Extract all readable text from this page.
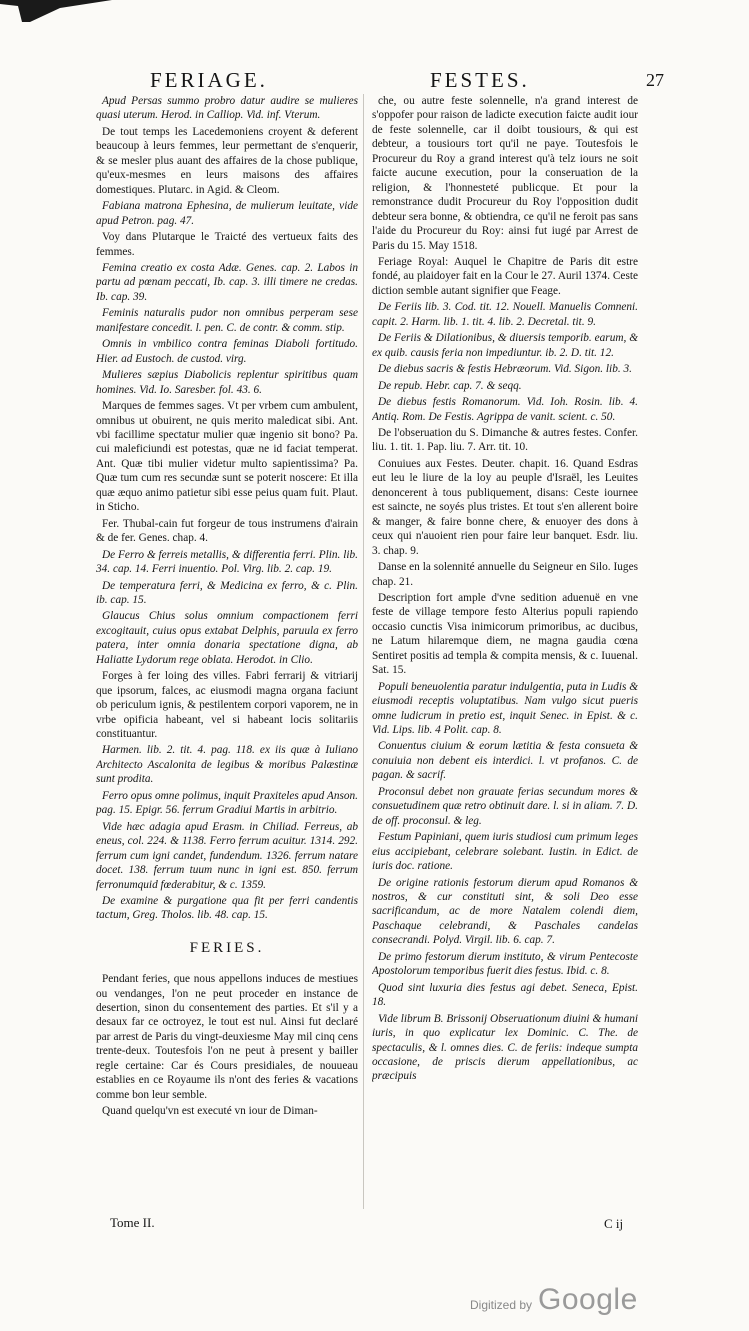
FERIAGE.	FESTES.	27

Apud Persas summo probro datur audire se mulieres quasi uterum. Herod. in Calliop. Vid. inf. Vterum.

De tout temps les Lacedemoniens croyent & deferent beaucoup à leurs femmes, leur permettant de s'enquerir, & se mesler plus auant des affaires de la chose publique, qu'eux-mesmes en leurs maisons des affaires domestiques. Plutarc. in Agid. & Cleom.

Fabiana matrona Ephesina, de mulierum leuitate, vide apud Petron. pag. 47.

Voy dans Plutarque le Traicté des vertueux faits des femmes.

Femina creatio ex costa Adæ. Genes. cap. 2. Labos in partu ad pœnam peccati, Ib. cap. 3. illi timere ne credas. Ib. cap. 39.

Feminis naturalis pudor non omnibus perperam sese manifestare concedit. l. pen. C. de contr. & comm. stip.

Omnis in vmbilico contra feminas Diaboli fortitudo. Hier. ad Eustoch. de custod. virg.

Mulieres sæpius Diabolicis replentur spiritibus quam homines. Vid. Io. Saresber. fol. 43. 6.

Marques de femmes sages. Vt per vrbem cum ambulent, omnibus ut obuirent, ne quis merito maledicat sibi. Ant. vbi facillime spectatur mulier quæ ingenio sit bono? Pa. cui maleficiundi est potestas, quæ ne id faciat temperat. Ant. Quæ tibi mulier videtur multo sapientissima? Pa. Quæ tum cum res secundæ sunt se poterit noscere: Et illa quæ æquo animo patietur sibi esse peius quam fuit. Plaut. in Sticho.

Fer. Thubal-cain fut forgeur de tous instrumens d'airain & de fer. Genes. chap. 4.

De Ferro & ferreis metallis, & differentia ferri. Plin. lib. 34. cap. 14. Ferri inuentio. Pol. Virg. lib. 2. cap. 19.

De temperatura ferri, & Medicina ex ferro, & c. Plin. ib. cap. 15.

Glaucus Chius solus omnium compactionem ferri excogitauit, cuius opus extabat Delphis, paruula ex ferro patera, inter omnia donaria spectatione digna, ab Haliatte Lydorum rege oblata. Herodot. in Clio.

Forges à fer loing des villes. Fabri ferrarij & vitriarij que ipsorum, falces, ac eiusmodi magna organa faciunt ob periculum ignis, & pestilentem corpori vaporem, ne in vrbe opificia habeant, vel si habeant locis solitariis constituantur.

Harmen. lib. 2. tit. 4. pag. 118. ex iis quæ à Iuliano Architecto Ascalonita de legibus & moribus Palæstinæ sunt prodita.

Ferro opus omne polimus, inquit Praxiteles apud Anson. pag. 15. Epigr. 56. ferrum Gradiui Martis in arbitrio.

Vide hæc adagia apud Erasm. in Chiliad. Ferreus, ab eneus, col. 224. & 1138. Ferro ferrum acuitur. 1314. 292. ferrum cum igni candet, fundendum. 1326. ferrum natare docet. 138. ferrum tuum nunc in igni est. 850. ferrum ferronumquid fœderabitur, & c. 1359.

De examine & purgatione qua fit per ferri candentis tactum, Greg. Tholos. lib. 48. cap. 15.

FERIES.

Pendant feries, que nous appellons induces de mestiues ou vendanges, l'on ne peut proceder en instance de desertion, sinon du consentement des parties. Et s'il y a desaux far ce octroyez, le tout est nul. Ainsi fut declaré par arrest de Paris du vingt-deuxiesme May mil cinq cens trente-deux. Toutesfois l'on ne peut à present y bailler regle certaine: Car és Cours presidiales, de nouueau establies en ce Royaume ils n'ont des feries & vacations comme bon leur semble.

Quand quelqu'vn est executé vn iour de Diman-

che, ou autre feste solennelle, n'a grand interest de s'oppofer pour raison de ladicte execution faicte audit iour de feste solennelle, car il doibt tousiours, & qui est debteur, a tousiours tort qu'il ne paye. Toutesfois le Procureur du Roy a grand interest qu'à telz iours ne soit faicte aucune execution, pour la conseruation de la religion, & l'honnesteté publicque. Et pour la remonstrance dudit Procureur du Roy l'opposition dudit debteur sera bonne, & obtiendra, ce qu'il ne feroit pas sans l'aide du Procureur du Roy: ainsi fut iugé par Arrest de Paris du 15. May 1518.

Feriage Royal: Auquel le Chapitre de Paris dit estre fondé, au plaidoyer fait en la Cour le 27. Auril 1374. Ceste diction semble autant signifier que Feage.

De Feriis lib. 3. Cod. tit. 12. Nouell. Manuelis Comneni. capit. 2. Harm. lib. 1. tit. 4. lib. 2. Decretal. tit. 9.

De Feriis & Dilationibus, & diuersis temporib. earum, & ex quib. causis feria non impediuntur. ib. 2. D. tit. 12.

De diebus sacris & festis Hebræorum. Vid. Sigon. lib. 3.

De repub. Hebr. cap. 7. & seqq.

De diebus festis Romanorum. Vid. Ioh. Rosin. lib. 4. Antiq. Rom. De Festis. Agrippa de vanit. scient. c. 50.

De l'obseruation du S. Dimanche & autres festes. Confer. liu. 1. tit. 1. Pap. liu. 7. Arr. tit. 10.

Conuiues aux Festes. Deuter. chapit. 16. Quand Esdras eut leu le liure de la loy au peuple d'Israël, les Leuites denoncerent à tous publiquement, disans: Ceste iournee est saincte, ne soyés plus tristes. Et tout s'en allerent boire & manger, & faire bonne chere, & enuoyer des dons à ceux qui n'auoient rien pour faire leur banquet. Esdr. liu. 3. chap. 9.

Danse en la solennité annuelle du Seigneur en Silo. Iuges chap. 21.

Description fort ample d'vne sedition aduenuë en vne feste de village tempore festo Alterius populi rapiendo occasio cunctis Visa inimicorum primoribus, ac ducibus, ne Latum hilaremque diem, ne magna gaudia cœna Sentiret positis ad templa & compita mensis, & c. Iuuenal. Sat. 15.

Populi beneuolentia paratur indulgentia, puta in Ludis & eiusmodi receptis voluptatibus. Nam vulgo sicut pueris omne ludicrum in pretio est, inquit Senec. in Epist. & c. Vid. Lips. lib. 4 Polit. cap. 8.

Conuentus ciuium & eorum lætitia & festa consueta & conuiuia non debent eis interdici. l. vt profanos. C. de pagan. & sacrif.

Proconsul debet non grauate ferias secundum mores & consuetudinem quæ retro obtinuit dare. l. si in aliam. 7. D. de off. proconsul. & leg.

Festum Papiniani, quem iuris studiosi cum primum leges eius accipiebant, celebrare solebant. Iustin. in Edict. de iuris doc. ratione.

De origine rationis festorum dierum apud Romanos & nostros, & cur constituti sint, & soli Deo esse sacrificandum, ac de more Natalem colendi diem, Paschaque celebrandi, & Paschales candelas consecrandi. Polyd. Virgil. lib. 6. cap. 7.

De primo festorum dierum instituto, & virum Pentecoste Apostolorum temporibus fuerit dies festus. Ibid. c. 8.

Quod sint luxuria dies festus agi debet. Seneca, Epist. 18.

Vide librum B. Brissonij Obseruationum diuini & humani iuris, in quo explicatur lex Dominic. C. The. de spectaculis, & l. omnes dies. C. de feriis: indeque sumpta occasione, de priscis dierum appellationibus, ac præcipuis

Tome II.	C ij
Digitized by Google
